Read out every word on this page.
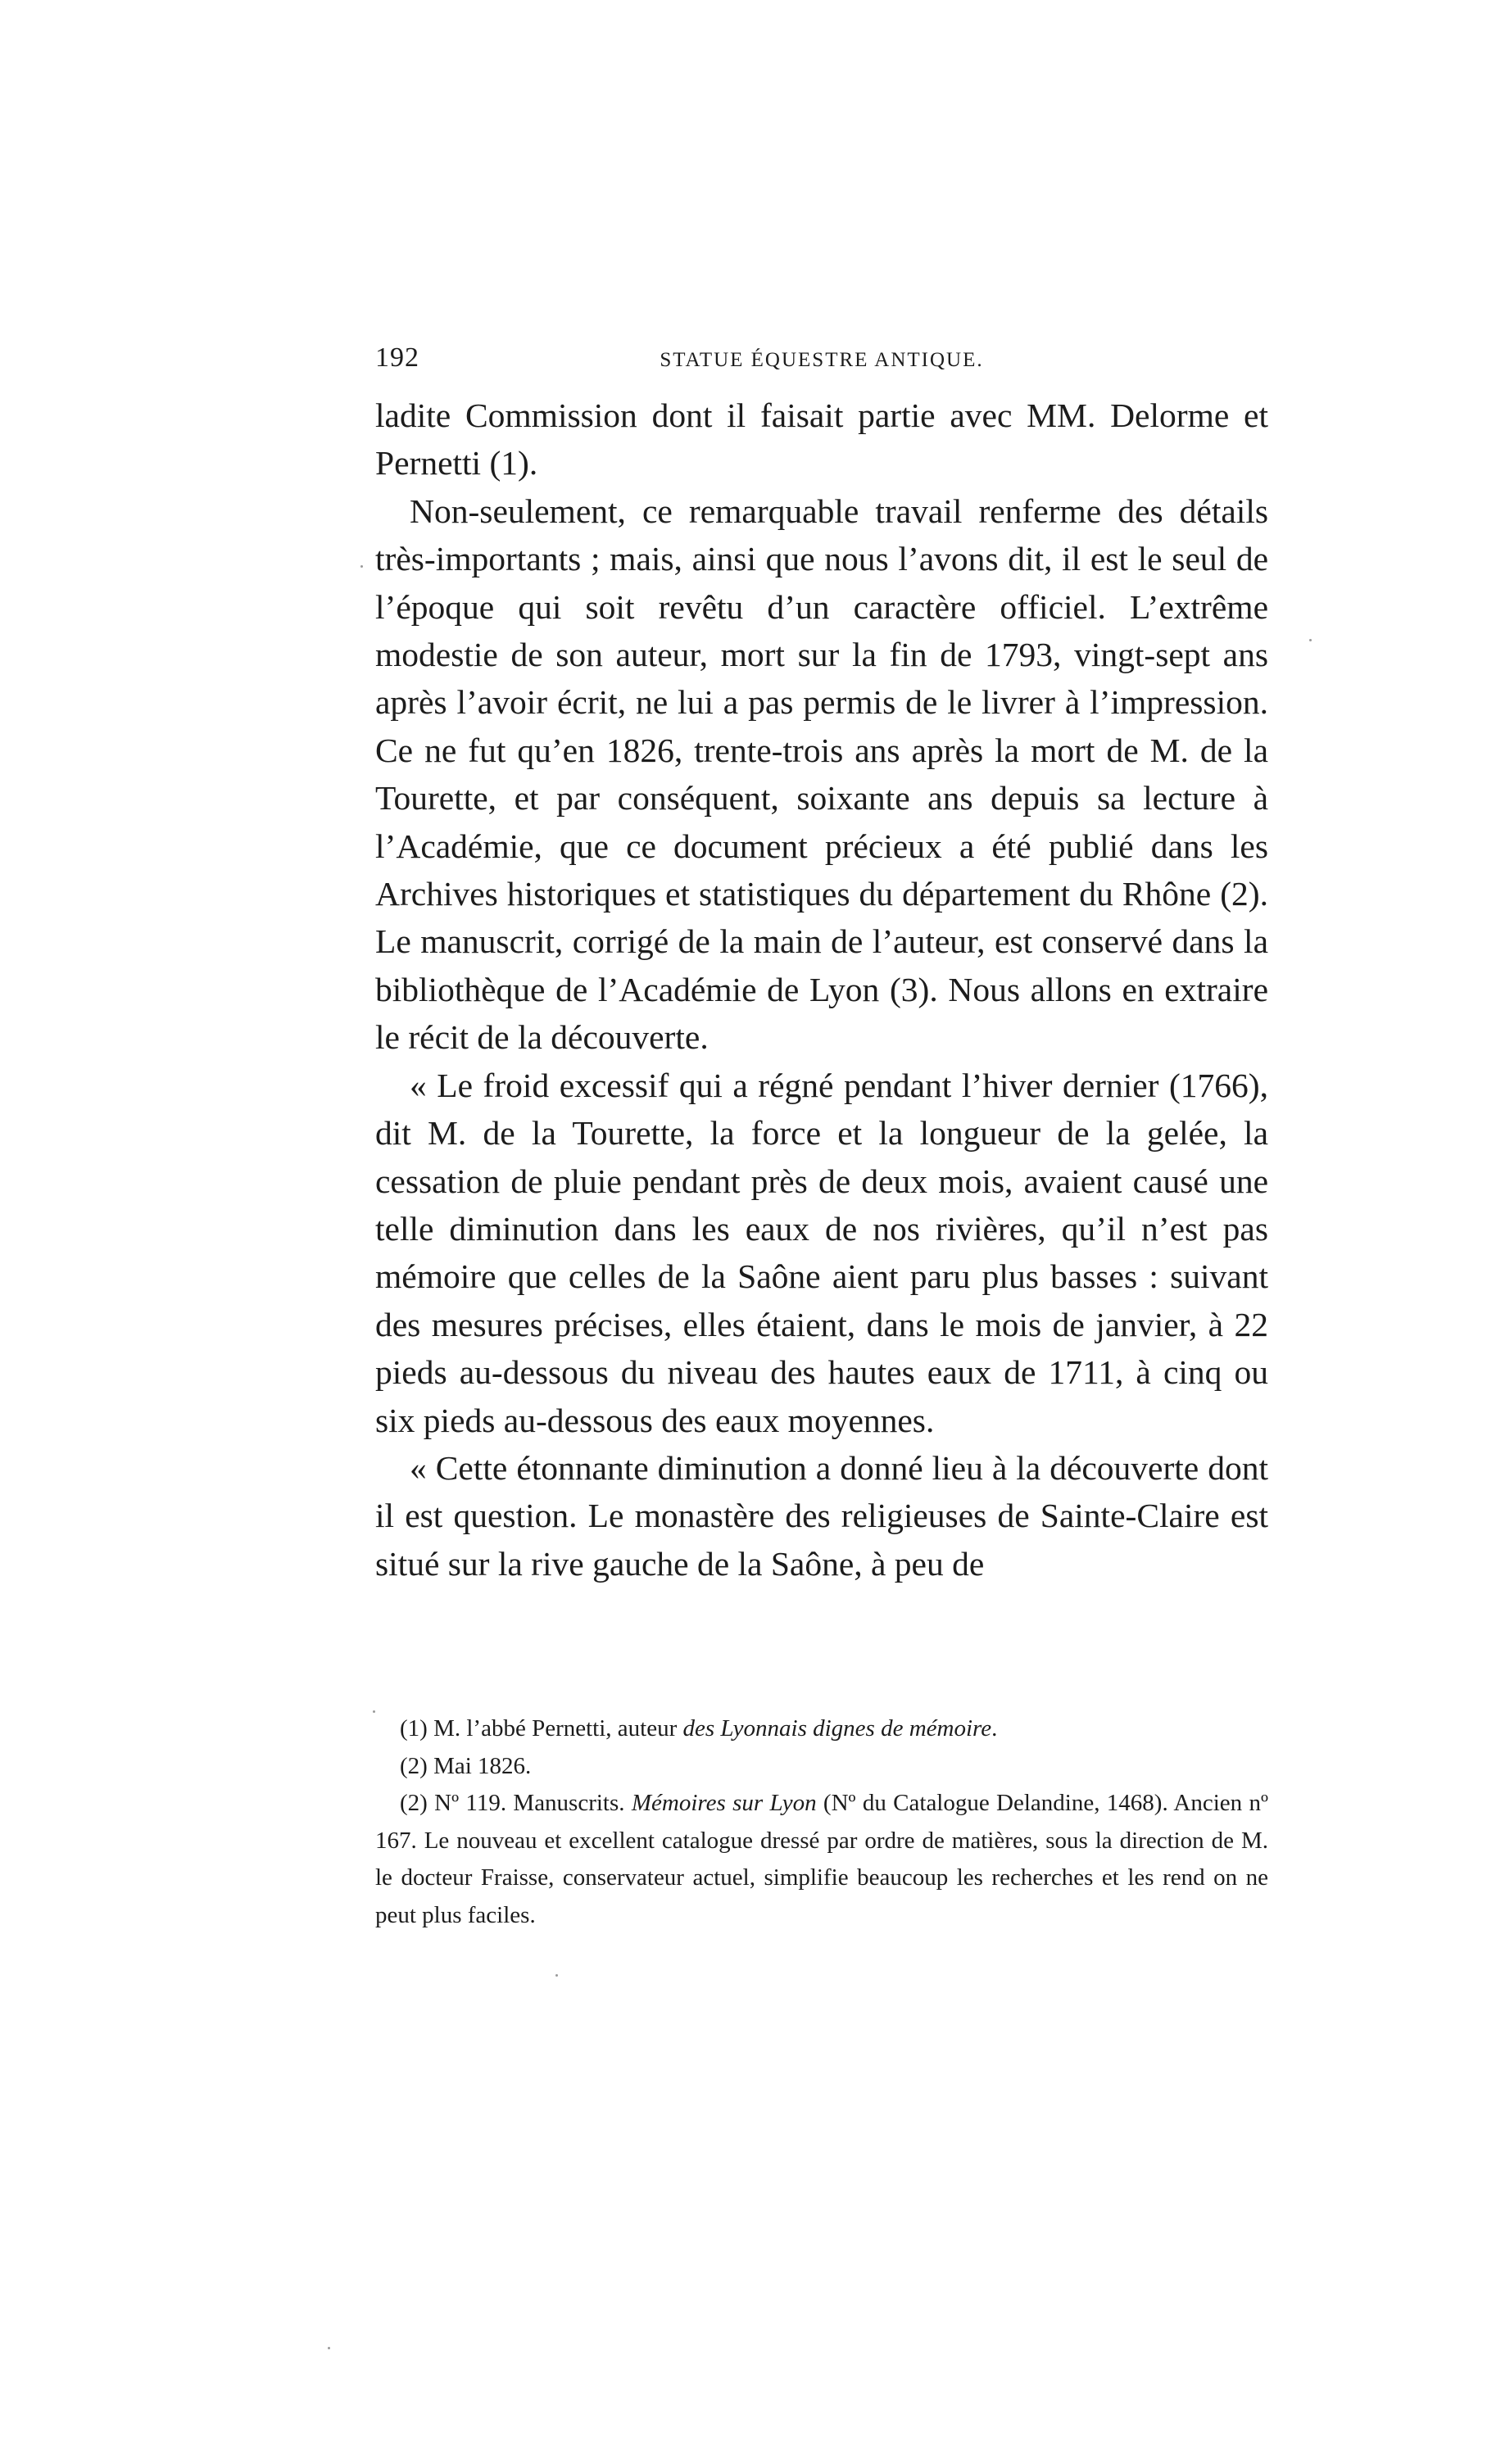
192	STATUE ÉQUESTRE ANTIQUE.

ladite Commission dont il faisait partie avec MM. Delorme et Pernetti (1).

Non-seulement, ce remarquable travail renferme des détails très-importants ; mais, ainsi que nous l’avons dit, il est le seul de l’époque qui soit revêtu d’un caractère officiel. L’extrême modestie de son auteur, mort sur la fin de 1793, vingt-sept ans après l’avoir écrit, ne lui a pas permis de le livrer à l’impression. Ce ne fut qu’en 1826, trente-trois ans après la mort de M. de la Tourette, et par conséquent, soixante ans depuis sa lecture à l’Académie, que ce document précieux a été publié dans les Archives historiques et statistiques du département du Rhône (2). Le manuscrit, corrigé de la main de l’auteur, est conservé dans la bibliothèque de l’Académie de Lyon (3). Nous allons en extraire le récit de la découverte.

« Le froid excessif qui a régné pendant l’hiver dernier (1766), dit M. de la Tourette, la force et la longueur de la gelée, la cessation de pluie pendant près de deux mois, avaient causé une telle diminution dans les eaux de nos rivières, qu’il n’est pas mémoire que celles de la Saône aient paru plus basses : suivant des mesures précises, elles étaient, dans le mois de janvier, à 22 pieds au-dessous du niveau des hautes eaux de 1711, à cinq ou six pieds au-dessous des eaux moyennes.

« Cette étonnante diminution a donné lieu à la découverte dont il est question. Le monastère des religieuses de Sainte-Claire est situé sur la rive gauche de la Saône, à peu de

(1) M. l’abbé Pernetti, auteur des Lyonnais dignes de mémoire.

(2) Mai 1826.

(2) Nº 119. Manuscrits. Mémoires sur Lyon (Nº du Catalogue Delandine, 1468). Ancien nº 167. Le nouveau et excellent catalogue dressé par ordre de matières, sous la direction de M. le docteur Fraisse, conservateur actuel, simplifie beaucoup les recherches et les rend on ne peut plus faciles.
